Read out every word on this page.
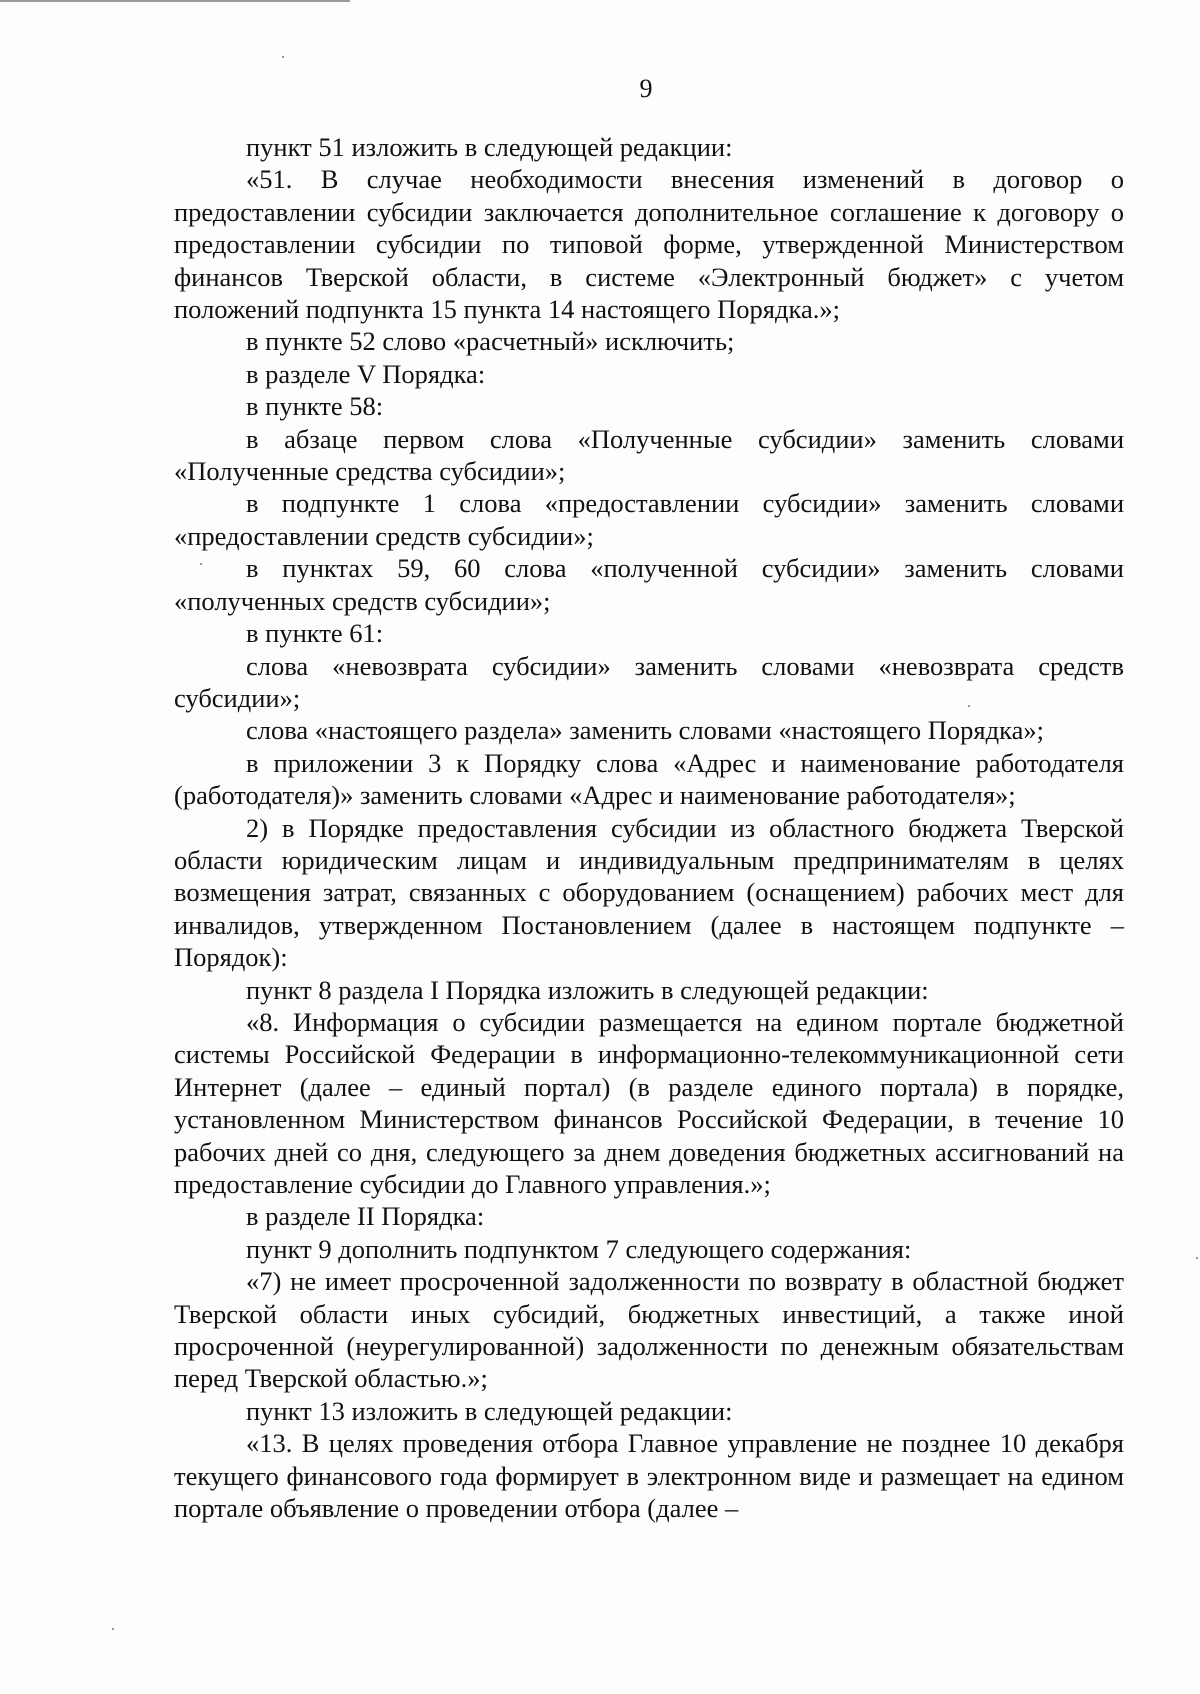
9

пункт 51 изложить в следующей редакции:

«51. В случае необходимости внесения изменений в договор о предоставлении субсидии заключается дополнительное соглашение к договору о предоставлении субсидии по типовой форме, утвержденной Министерством финансов Тверской области, в системе «Электронный бюджет» с учетом положений подпункта 15 пункта 14 настоящего Порядка.»;

в пункте 52 слово «расчетный» исключить;

в разделе V Порядка:

в пункте 58:

в абзаце первом слова «Полученные субсидии» заменить словами «Полученные средства субсидии»;

в подпункте 1 слова «предоставлении субсидии» заменить словами «предоставлении средств субсидии»;

в пунктах 59, 60 слова «полученной субсидии» заменить словами «полученных средств субсидии»;

в пункте 61:

слова «невозврата субсидии» заменить словами «невозврата средств субсидии»;

слова «настоящего раздела» заменить словами «настоящего Порядка»;

в приложении 3 к Порядку слова «Адрес и наименование работодателя (работодателя)» заменить словами «Адрес и наименование работодателя»;

2) в Порядке предоставления субсидии из областного бюджета Тверской области юридическим лицам и индивидуальным предпринимателям в целях возмещения затрат, связанных с оборудованием (оснащением) рабочих мест для инвалидов, утвержденном Постановлением (далее в настоящем подпункте – Порядок):

пункт 8 раздела I Порядка изложить в следующей редакции:

«8. Информация о субсидии размещается на едином портале бюджетной системы Российской Федерации в информационно-телекоммуникационной сети Интернет (далее – единый портал) (в разделе единого портала) в порядке, установленном Министерством финансов Российской Федерации, в течение 10 рабочих дней со дня, следующего за днем доведения бюджетных ассигнований на предоставление субсидии до Главного управления.»;

в разделе II Порядка:

пункт 9 дополнить подпунктом 7 следующего содержания:

«7) не имеет просроченной задолженности по возврату в областной бюджет Тверской области иных субсидий, бюджетных инвестиций, а также иной просроченной (неурегулированной) задолженности по денежным обязательствам перед Тверской областью.»;

пункт 13 изложить в следующей редакции:

«13. В целях проведения отбора Главное управление не позднее 10 декабря текущего финансового года формирует в электронном виде и размещает на едином портале объявление о проведении отбора (далее –
